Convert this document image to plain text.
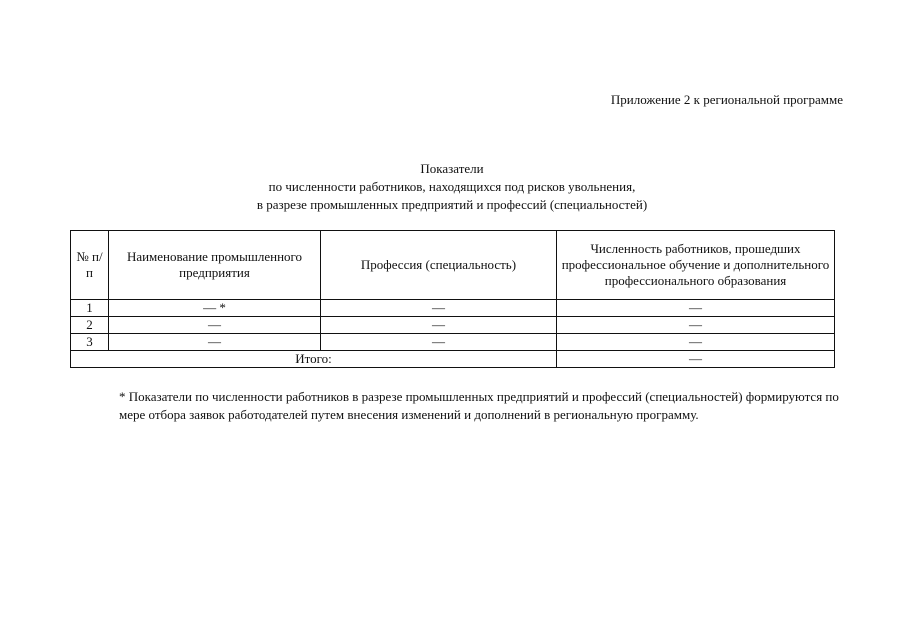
Приложение 2 к региональной программе
Показатели
по численности работников, находящихся под рисков увольнения,
в разрезе промышленных предприятий и профессий (специальностей)
№ п/п	Наименование промышленного предприятия	Профессия (специальность)	Численность работников, прошедших профессиональное обучение и дополнительного профессионального образования
1	— *	—	—
2	—	—	—
3	—	—	—
Итого:			—
* Показатели по численности работников в разрезе промышленных предприятий и профессий (специальностей) формируются по мере отбора заявок работодателей путем внесения изменений и дополнений в региональную программу.
